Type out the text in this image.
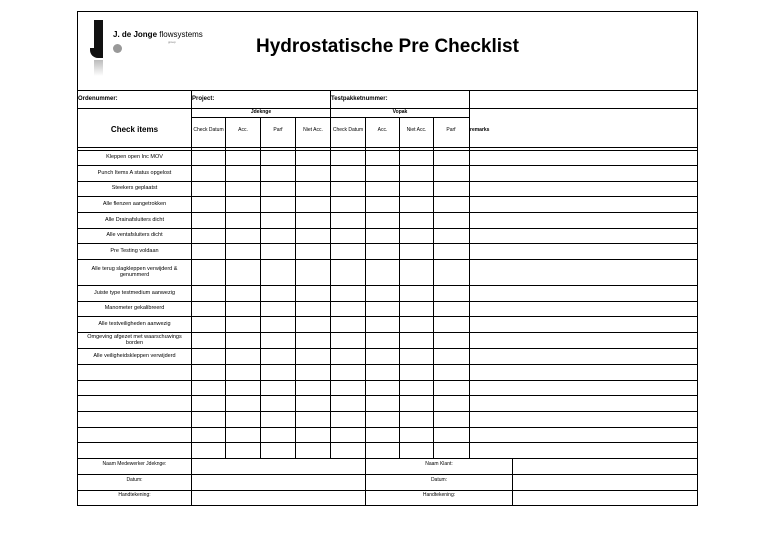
J. de Jonge flowsystems
groep	Hydrostatische Pre Checklist
Ordenummer:	Project:	Testpakketnummer:
Jdeknge	Vopak
Check items	Check Datum	Acc.	Parf	Niet Acc.	Check Datum	Acc.	Niet Acc.	Parf	remarks
Kleppen open Inc MOV
Punch Items A status opgelost
Steekers geplaatst
Alle flenzen aangetrokken
Alle Drainafsluiters dicht
Alle ventafsluiters dicht
Pre Testing voldaan
Alle terug slagkleppen verwijderd &
genummerd
Juiste type testmedium aanwezig
Manometer gekalibreerd
Alle testveiligheden aanwezig
Omgeving afgezet met waarschuwings
borden
Alle veiligheidskleppen verwijderd
Naam Medewerker Jdeknge:
Datum:
Handtekening:
Naam Klant:
Datum:
Handtekening:
